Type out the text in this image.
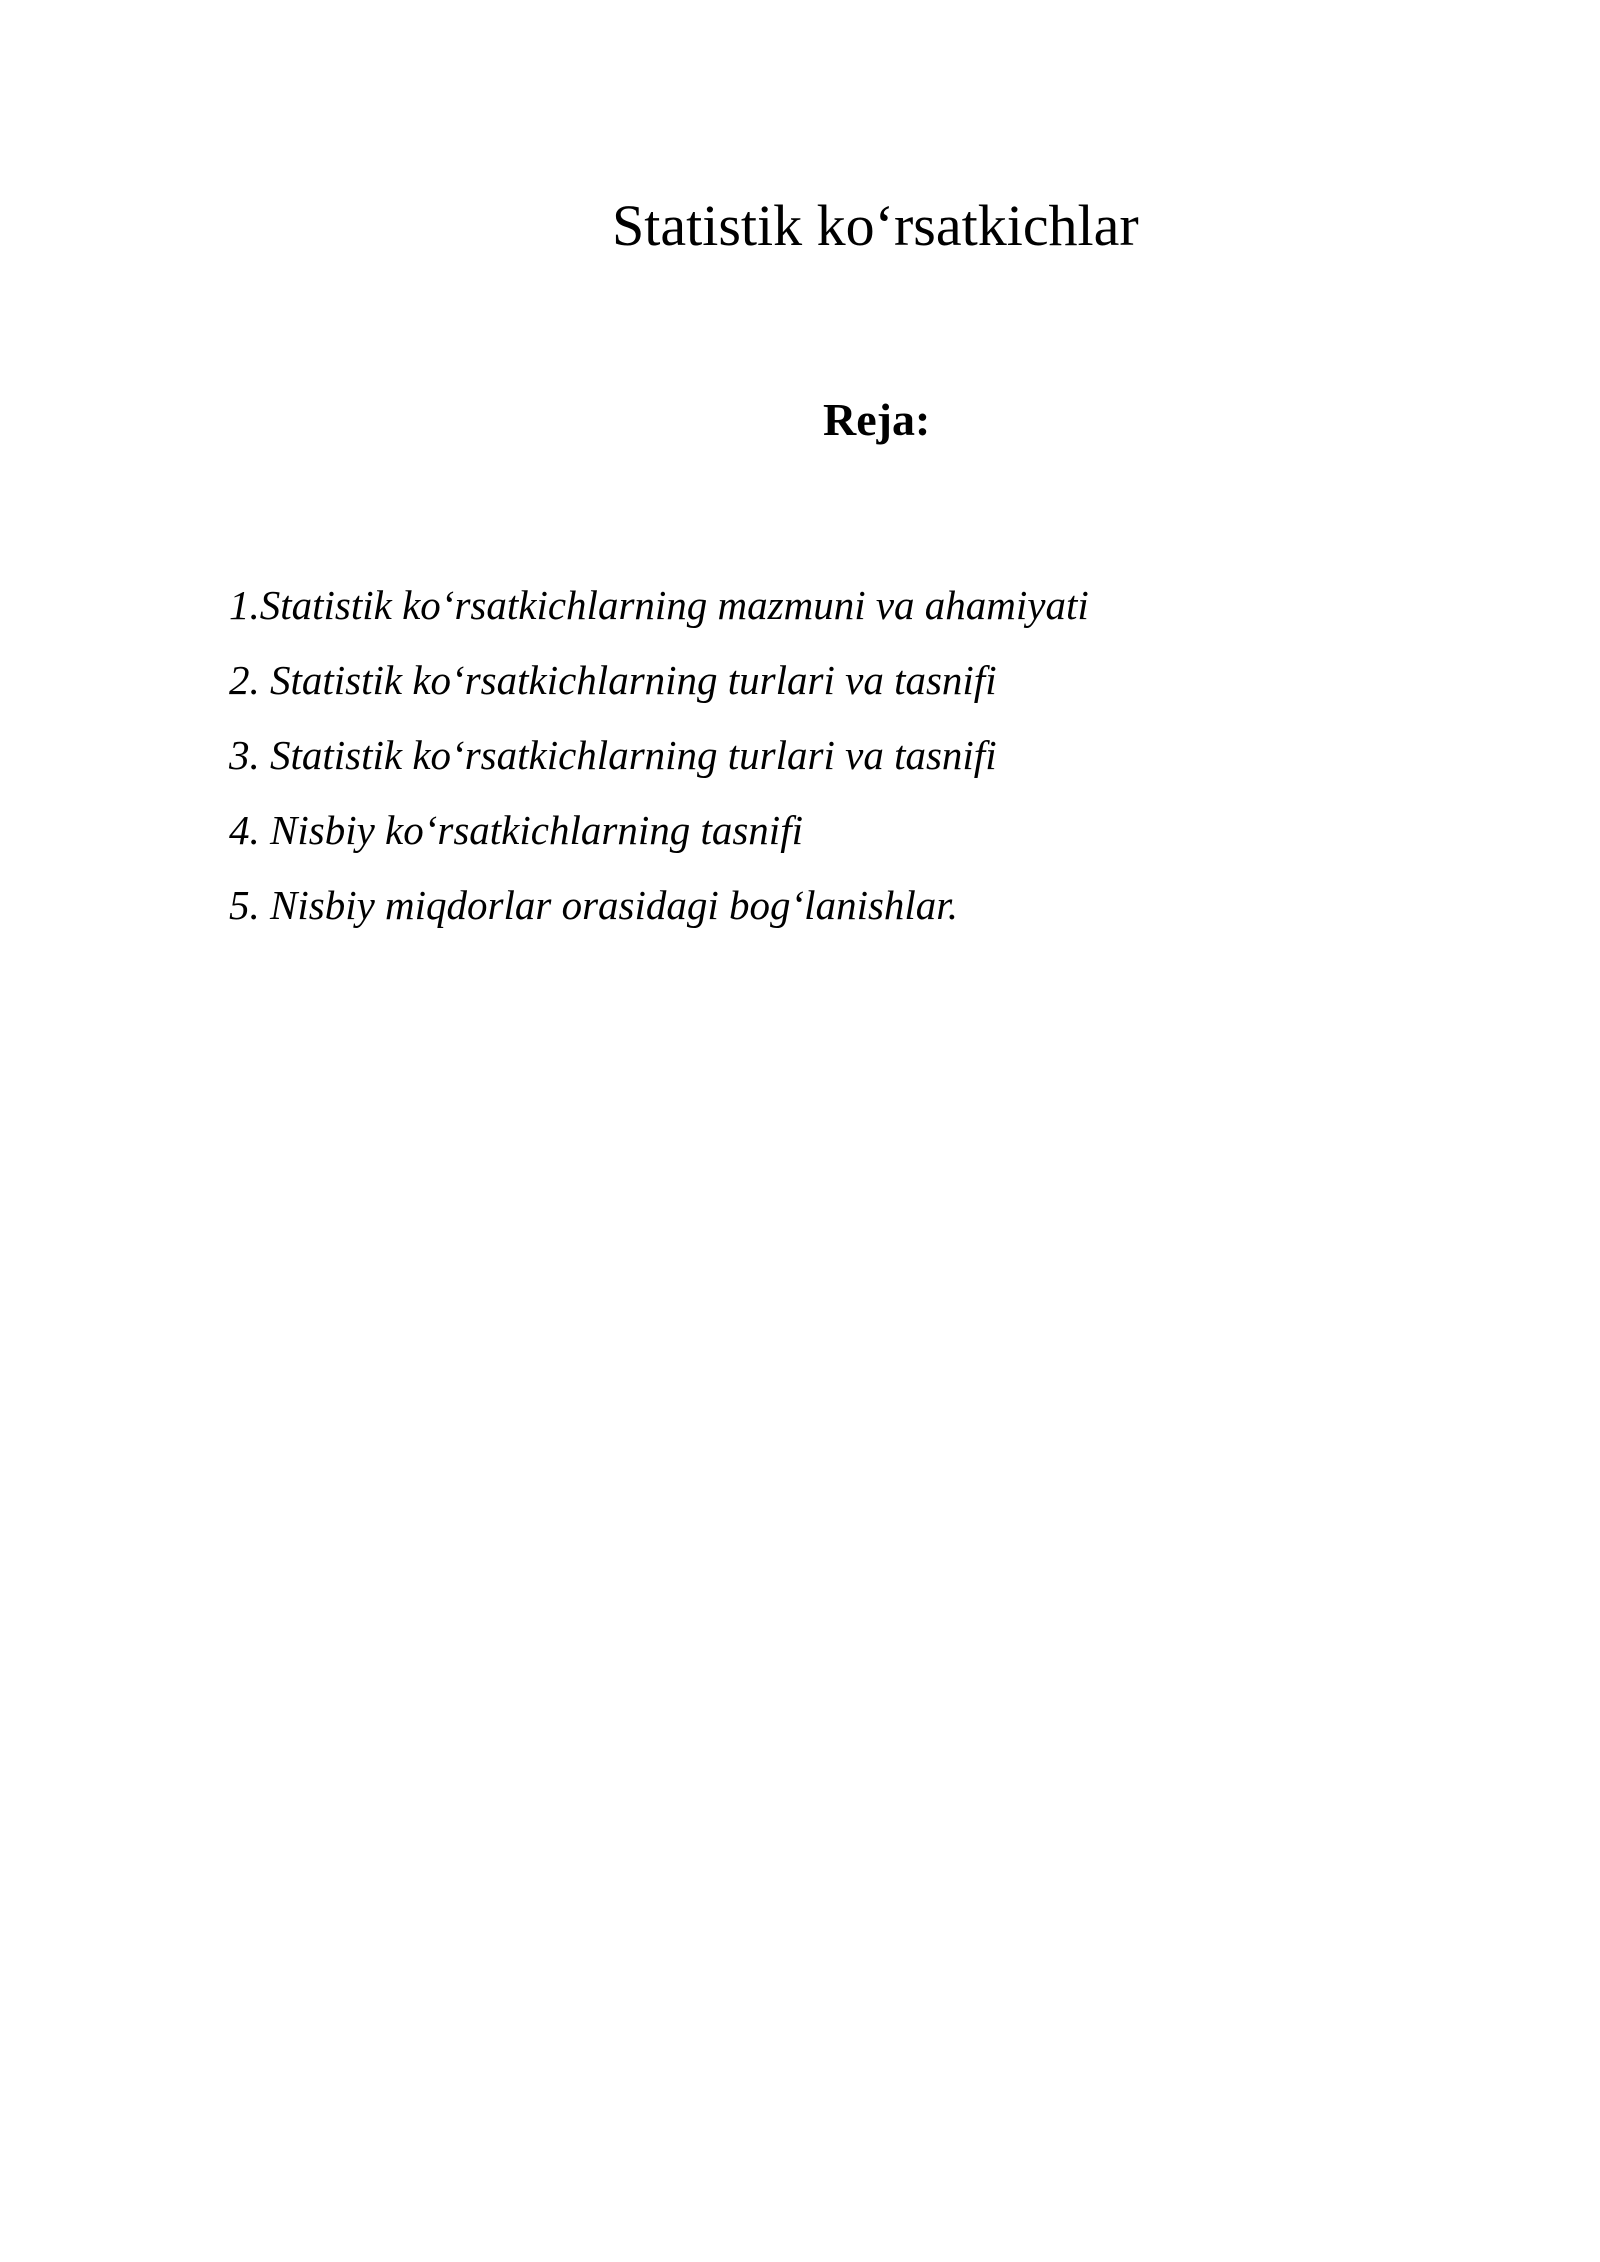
Statistik ko‘rsatkichlar
Reja:
1.Statistik ko‘rsatkichlarning mazmuni va ahamiyati
2. Statistik ko‘rsatkichlarning turlari va tasnifi
3. Statistik ko‘rsatkichlarning turlari va tasnifi
4. Nisbiy ko‘rsatkichlarning tasnifi
5. Nisbiy miqdorlar orasidagi bog‘lanishlar.
